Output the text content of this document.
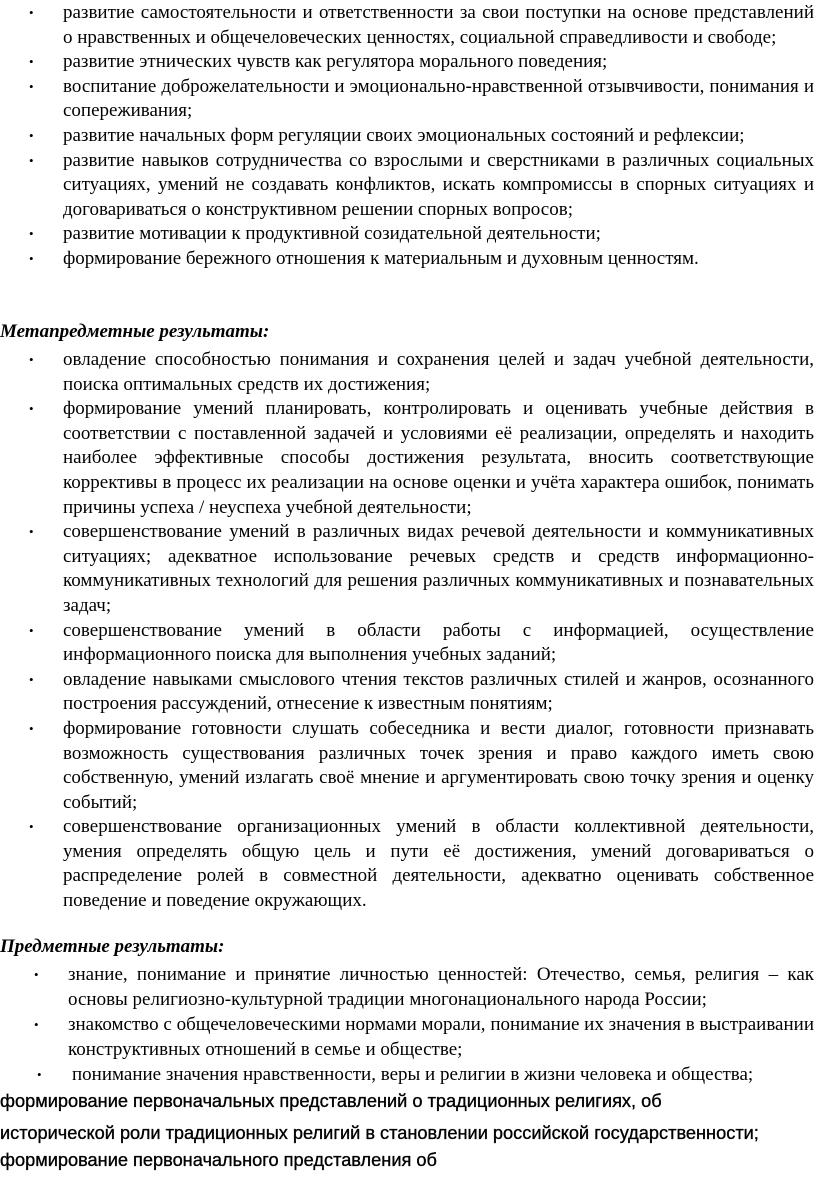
• развитие самостоятельности и ответственности за свои поступки на основе представлений о нравственных и общечеловеческих ценностях, социальной справедливости и свободе;
• развитие этнических чувств как регулятора морального поведения;
• воспитание доброжелательности и эмоционально-нравственной отзывчивости, понимания и сопереживания;
• развитие начальных форм регуляции своих эмоциональных состояний и рефлексии;
• развитие навыков сотрудничества со взрослыми и сверстниками в различных социальных ситуациях, умений не создавать конфликтов, искать компромиссы в спорных ситуациях и договариваться о конструктивном решении спорных вопросов;
• развитие мотивации к продуктивной созидательной деятельности;
• формирование бережного отношения к материальным и духовным ценностям.

Метапредметные результаты:

• овладение способностью понимания и сохранения целей и задач учебной деятельности, поиска оптимальных средств их достижения;
• формирование умений планировать, контролировать и оценивать учебные действия в соответствии с поставленной задачей и условиями её реализации, определять и находить наиболее эффективные способы достижения результата, вносить соответствующие коррективы в процесс их реализации на основе оценки и учёта характера ошибок, понимать причины успеха / неуспеха учебной деятельности;
• совершенствование умений в различных видах речевой деятельности и коммуникативных ситуациях; адекватное использование речевых средств и средств информационно-коммуникативных технологий для решения различных коммуникативных и познавательных задач;
• совершенствование умений в области работы с информацией, осуществление информационного поиска для выполнения учебных заданий;
• овладение навыками смыслового чтения текстов различных стилей и жанров, осознанного построения рассуждений, отнесение к известным понятиям;
• формирование готовности слушать собеседника и вести диалог, готовности признавать возможность существования различных точек зрения и право каждого иметь свою собственную, умений излагать своё мнение и аргументировать свою точку зрения и оценку событий;
• совершенствование организационных умений в области коллективной деятельности, умения определять общую цель и пути её достижения, умений договариваться о распределение ролей в совместной деятельности, адекватно оценивать собственное поведение и поведение окружающих.

Предметные результаты:

• знание, понимание и принятие личностью ценностей: Отечество, семья, религия – как основы религиозно-культурной традиции многонационального народа России;
• знакомство с общечеловеческими нормами морали, понимание их значения в выстраивании конструктивных отношений в семье и обществе;
• понимание значения нравственности, веры и религии в жизни человека и общества;

формирование первоначальных представлений о традиционных религиях, об

исторической роли традиционных религий в становлении российской государственности;

формирование первоначального представления об
